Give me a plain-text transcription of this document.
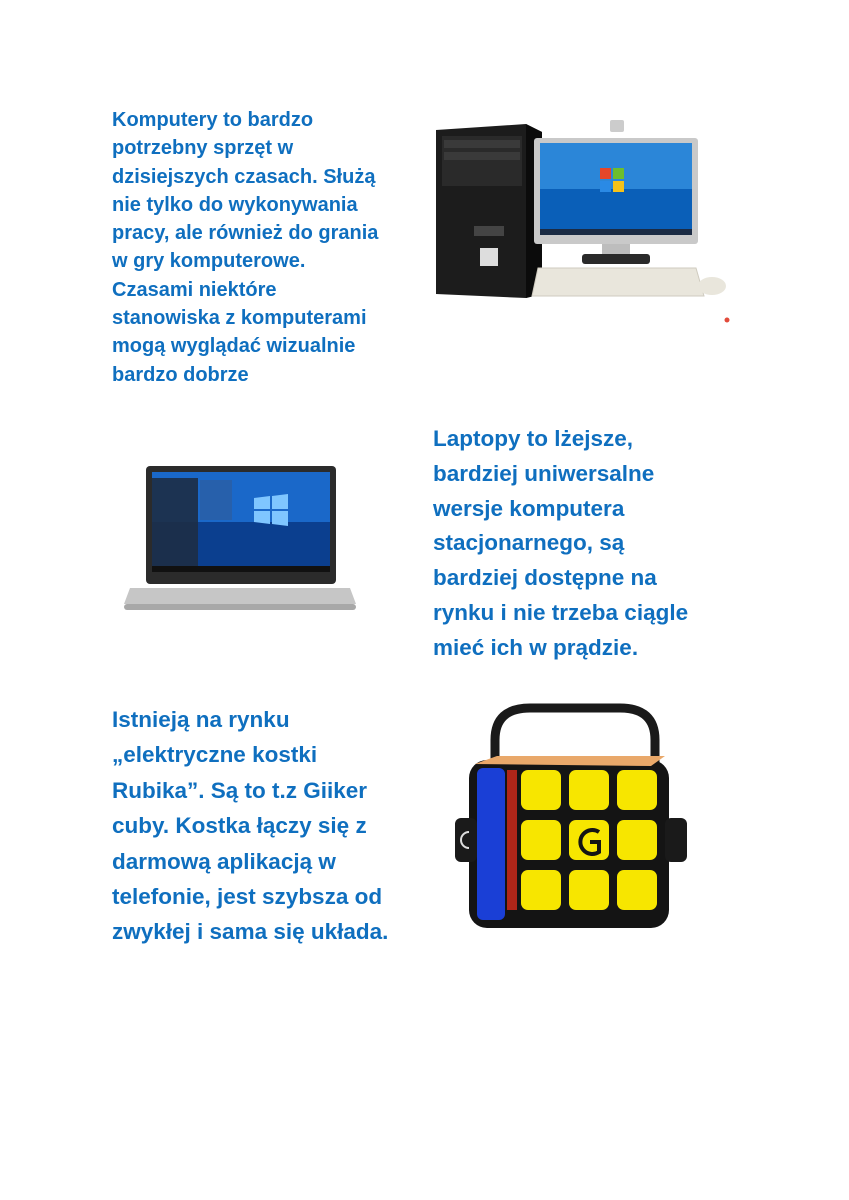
Komputery to bardzo
potrzebny sprzęt w
dzisiejszych czasach. Służą
nie tylko do wykonywania
pracy, ale również do grania
w gry komputerowe.
Czasami niektóre
stanowiska z komputerami
mogą wyglądać wizualnie
bardzo dobrze
Laptopy to lżejsze,
bardziej uniwersalne
wersje komputera
stacjonarnego, są
bardziej dostępne na
rynku i nie trzeba ciągle
mieć ich w prądzie.
Istnieją na rynku
„elektryczne kostki
Rubika”. Są to t.z Giiker
cuby. Kostka łączy się z
darmową aplikacją w
telefonie, jest szybsza od
zwykłej i sama się układa.
